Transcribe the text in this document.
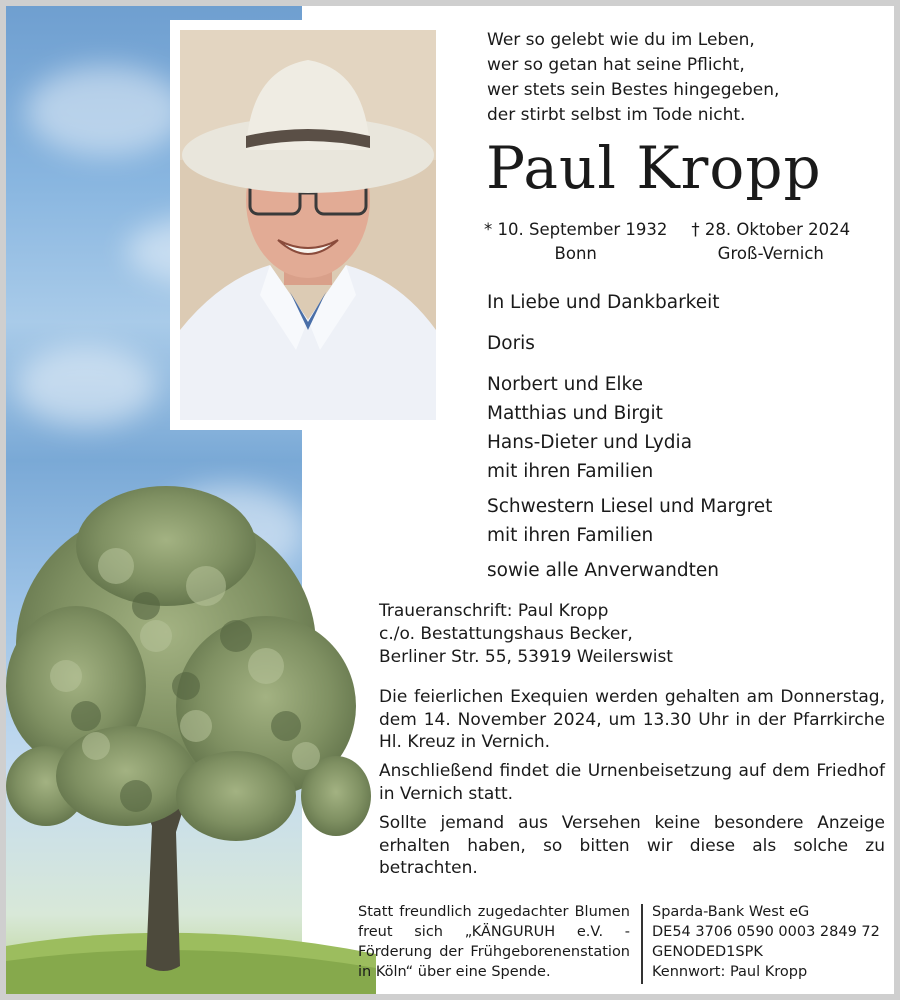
Wer so gelebt wie du im Leben,
wer so getan hat seine Pflicht,
wer stets sein Bestes hingegeben,
der stirbt selbst im Tode nicht.
Paul Kropp
* 10. September 1932
Bonn
† 28. Oktober 2024
Groß-Vernich
In Liebe und Dankbarkeit
Doris
Norbert und Elke
Matthias und Birgit
Hans-Dieter und Lydia
mit ihren Familien
Schwestern Liesel und Margret
mit ihren Familien
sowie alle Anverwandten
Traueranschrift: Paul Kropp
c./o. Bestattungshaus Becker,
Berliner Str. 55, 53919 Weilerswist
Die feierlichen Exequien werden gehalten am Donnerstag, dem 14. November 2024, um 13.30 Uhr in der Pfarrkirche Hl. Kreuz in Vernich.
Anschließend findet die Urnenbeisetzung auf dem Friedhof in Vernich statt.
Sollte jemand aus Versehen keine besondere Anzeige erhalten haben, so bitten wir diese als solche zu betrachten.
Statt freundlich zugedachter Blumen freut sich „KÄNGURUH e.V. - Förderung der Frühgeborenenstation in Köln“ über eine Spende.
Sparda-Bank West eG
DE54 3706 0590 0003 2849 72
GENODED1SPK
Kennwort: Paul Kropp
